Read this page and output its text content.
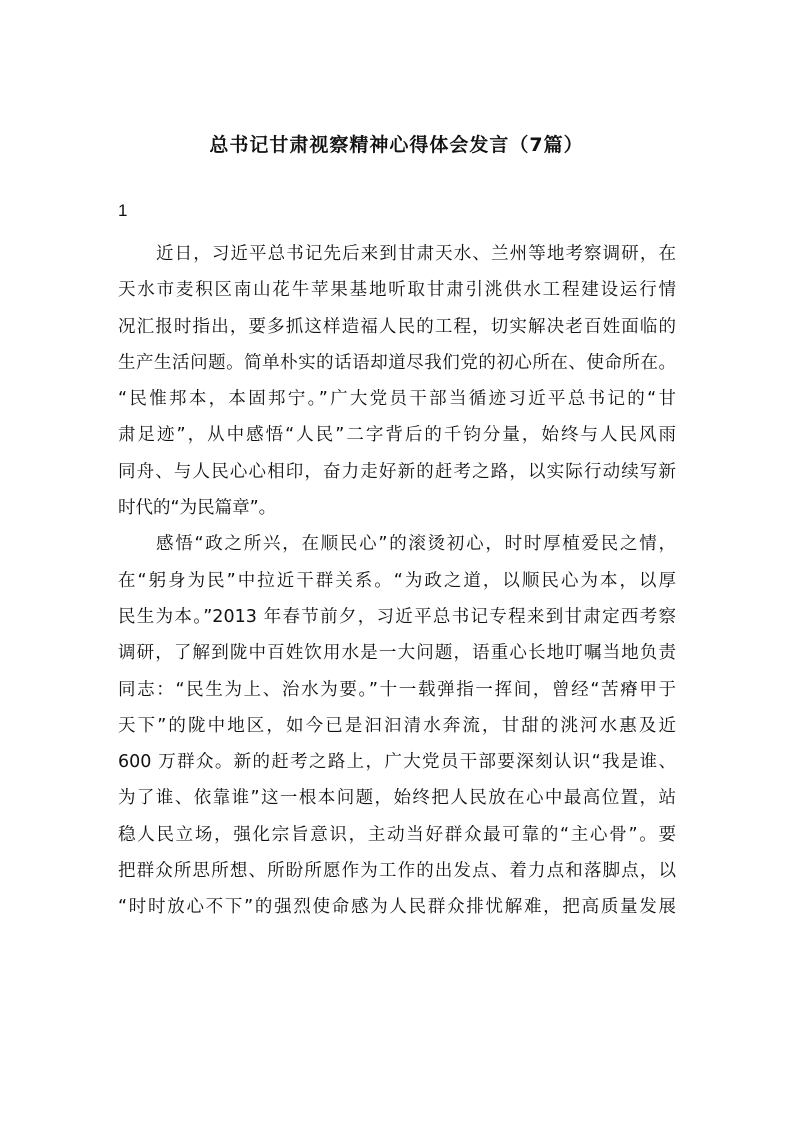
总书记甘肃视察精神心得体会发言（7篇）
1
近日，习近平总书记先后来到甘肃天水、兰州等地考察调研，在
天水市麦积区南山花牛苹果基地听取甘肃引洮供水工程建设运行情
况汇报时指出，要多抓这样造福人民的工程，切实解决老百姓面临的
生产生活问题。简单朴实的话语却道尽我们党的初心所在、使命所在。
“民惟邦本，本固邦宁。”广大党员干部当循迹习近平总书记的“甘
肃足迹”，从中感悟“人民”二字背后的千钧分量，始终与人民风雨
同舟、与人民心心相印，奋力走好新的赶考之路，以实际行动续写新
时代的“为民篇章”。
感悟“政之所兴，在顺民心”的滚烫初心，时时厚植爱民之情，
在“躬身为民”中拉近干群关系。“为政之道，以顺民心为本，以厚
民生为本。”2013 年春节前夕，习近平总书记专程来到甘肃定西考察
调研，了解到陇中百姓饮用水是一大问题，语重心长地叮嘱当地负责
同志：“民生为上、治水为要。”十一载弹指一挥间，曾经“苦瘠甲于
天下”的陇中地区，如今已是汩汩清水奔流，甘甜的洮河水惠及近
600 万群众。新的赶考之路上，广大党员干部要深刻认识“我是谁、
为了谁、依靠谁”这一根本问题，始终把人民放在心中最高位置，站
稳人民立场，强化宗旨意识，主动当好群众最可靠的“主心骨”。要
把群众所思所想、所盼所愿作为工作的出发点、着力点和落脚点，以
“时时放心不下”的强烈使命感为人民群众排忧解难，把高质量发展
